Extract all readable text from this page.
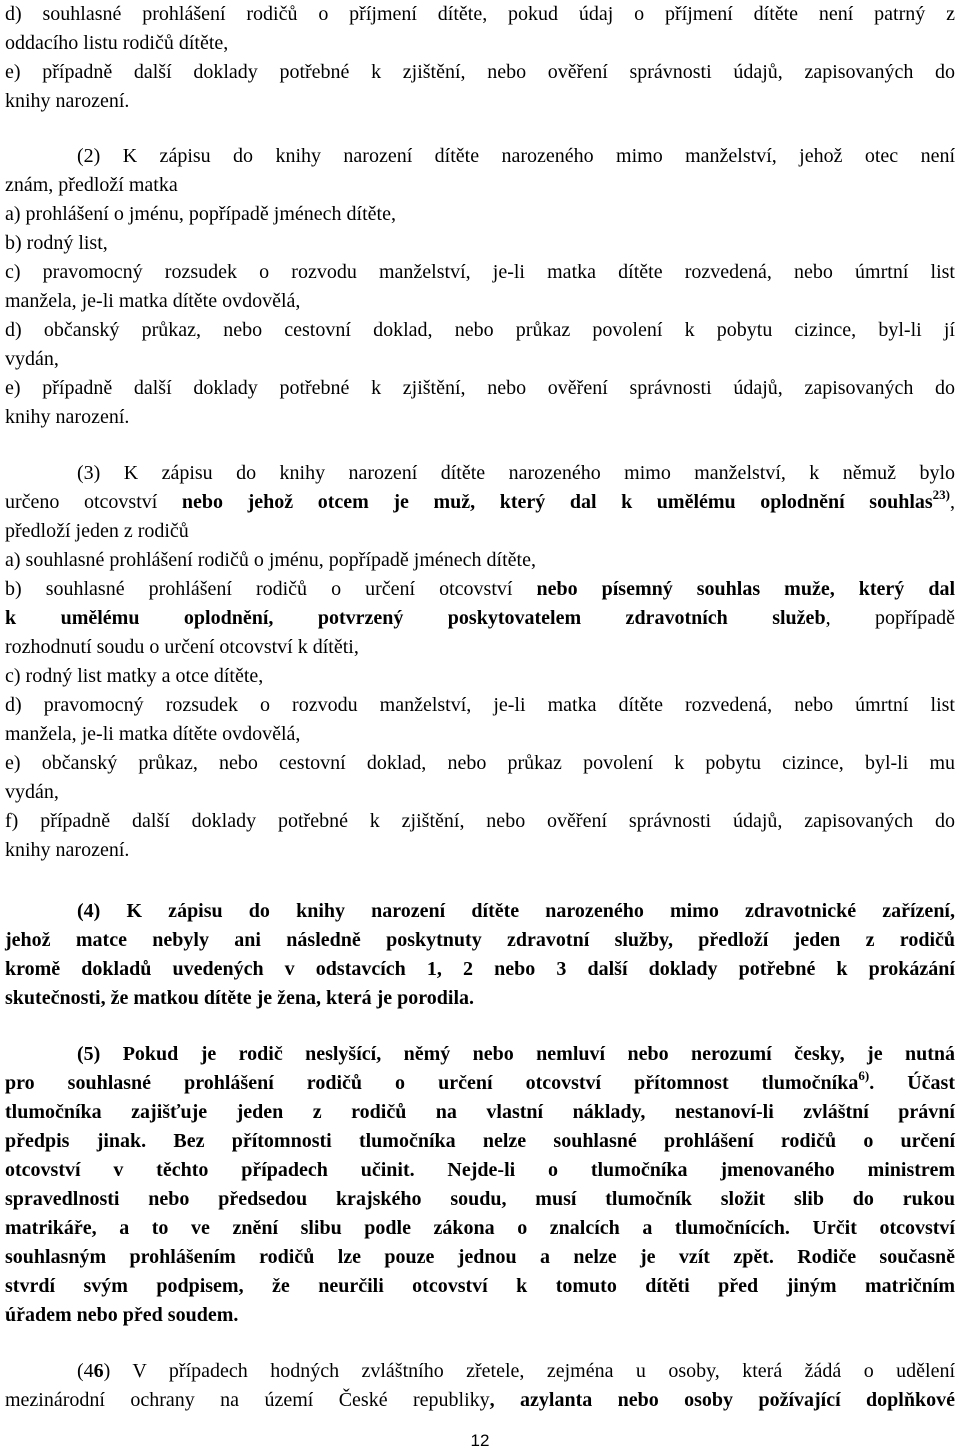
d) souhlasné prohlášení rodičů o příjmení dítěte, pokud údaj o příjmení dítěte není patrný z
oddacího listu rodičů dítěte,
e) případně další doklady potřebné k zjištění, nebo ověření správnosti údajů, zapisovaných do
knihy narození.
(2) K zápisu do knihy narození dítěte narozeného mimo manželství, jehož otec není
znám, předloží matka
a) prohlášení o jménu, popřípadě jménech dítěte,
b) rodný list,
c) pravomocný rozsudek o rozvodu manželství, je-li matka dítěte rozvedená, nebo úmrtní list
manžela, je-li matka dítěte ovdovělá,
d) občanský průkaz, nebo cestovní doklad, nebo průkaz povolení k pobytu cizince, byl-li jí
vydán,
e) případně další doklady potřebné k zjištění, nebo ověření správnosti údajů, zapisovaných do
knihy narození.
(3) K zápisu do knihy narození dítěte narozeného mimo manželství, k němuž bylo
určeno otcovství nebo jehož otcem je muž, který dal k umělému oplodnění souhlas$^{23)}$,
předloží jeden z rodičů
a) souhlasné prohlášení rodičů o jménu, popřípadě jménech dítěte,
b) souhlasné prohlášení rodičů o určení otcovství nebo písemný souhlas muže, který dal
k umělému oplodnění, potvrzený poskytovatelem zdravotních služeb, popřípadě
rozhodnutí soudu o určení otcovství k dítěti,
c) rodný list matky a otce dítěte,
d) pravomocný rozsudek o rozvodu manželství, je-li matka dítěte rozvedená, nebo úmrtní list
manžela, je-li matka dítěte ovdovělá,
e) občanský průkaz, nebo cestovní doklad, nebo průkaz povolení k pobytu cizince, byl-li mu
vydán,
f) případně další doklady potřebné k zjištění, nebo ověření správnosti údajů, zapisovaných do
knihy narození.
(4) K zápisu do knihy narození dítěte narozeného mimo zdravotnické zařízení,
jehož matce nebyly ani následně poskytnuty zdravotní služby, předloží jeden z rodičů
kromě dokladů uvedených v odstavcích 1, 2 nebo 3 další doklady potřebné k prokázání
skutečnosti, že matkou dítěte je žena, která je porodila.
(5) Pokud je rodič neslyšící, němý nebo nemluví nebo nerozumí česky, je nutná
pro souhlasné prohlášení rodičů o určení otcovství přítomnost tlumočníka$^{6)}$. Účast
tlumočníka zajišťuje jeden z rodičů na vlastní náklady, nestanoví-li zvláštní právní
předpis jinak. Bez přítomnosti tlumočníka nelze souhlasné prohlášení rodičů o určení
otcovství v těchto případech učinit. Nejde-li o tlumočníka jmenovaného ministrem
spravedlnosti nebo předsedou krajského soudu, musí tlumočník složit slib do rukou
matrikáře, a to ve znění slibu podle zákona o znalcích a tlumočnících. Určit otcovství
souhlasným prohlášením rodičů lze pouze jednou a nelze je vzít zpět. Rodiče současně
stvrdí svým podpisem, že neurčili otcovství k tomuto dítěti před jiným matričním
úřadem nebo před soudem.
(46) V případech hodných zvláštního zřetele, zejména u osoby, která žádá o udělení
mezinárodní ochrany na území České republiky, azylanta nebo osoby požívající doplňkové
12
